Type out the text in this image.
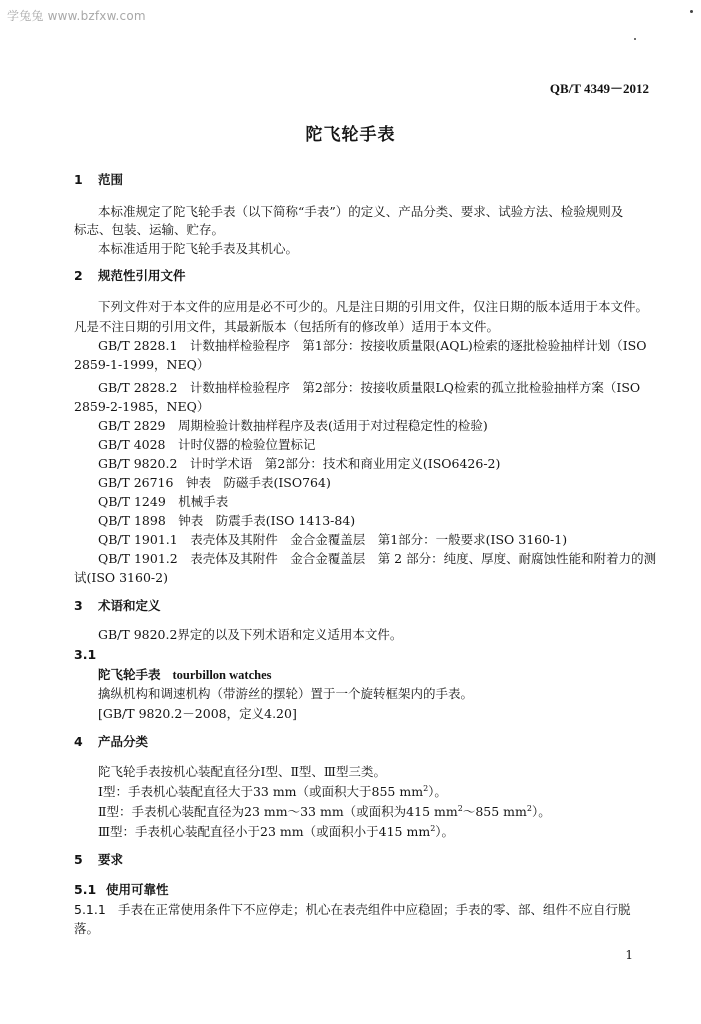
学兔兔 www.bzfxw.com
QB/T 4349－2012
陀飞轮手表
1 范围
本标准规定了陀飞轮手表（以下简称“手表”）的定义、产品分类、要求、试验方法、检验规则及
标志、包装、运输、贮存。
本标准适用于陀飞轮手表及其机心。
2 规范性引用文件
下列文件对于本文件的应用是必不可少的。凡是注日期的引用文件，仅注日期的版本适用于本文件。
凡是不注日期的引用文件，其最新版本（包括所有的修改单）适用于本文件。
GB/T 2828.1　计数抽样检验程序　第1部分：按接收质量限(AQL)检索的逐批检验抽样计划（ISO
2859-1-1999，NEQ）
GB/T 2828.2　计数抽样检验程序　第2部分：按接收质量限LQ检索的孤立批检验抽样方案（ISO
2859-2-1985，NEQ）
GB/T 2829　周期检验计数抽样程序及表(适用于对过程稳定性的检验)
GB/T 4028　计时仪器的检验位置标记
GB/T 9820.2　计时学术语　第2部分：技术和商业用定义(ISO6426-2)
GB/T 26716　钟表　防磁手表(ISO764)
QB/T 1249　机械手表
QB/T 1898　钟表　防震手表(ISO 1413-84)
QB/T 1901.1　表壳体及其附件　金合金覆盖层　第1部分：一般要求(ISO 3160-1)
QB/T 1901.2　表壳体及其附件　金合金覆盖层　第 2 部分：纯度、厚度、耐腐蚀性能和附着力的测
试(ISO 3160-2)
3 术语和定义
GB/T 9820.2界定的以及下列术语和定义适用本文件。
3.1
陀飞轮手表 tourbillon watches
擒纵机构和调速机构（带游丝的摆轮）置于一个旋转框架内的手表。
[GB/T 9820.2－2008，定义4.20]
4 产品分类
陀飞轮手表按机心装配直径分Ⅰ型、Ⅱ型、Ⅲ型三类。
Ⅰ型：手表机心装配直径大于33 mm（或面积大于855 $mm^2$）。
Ⅱ型：手表机心装配直径为23 mm～33 mm（或面积为415 $mm^2\sim 855$ $mm^2$）。
Ⅲ型：手表机心装配直径小于23 mm（或面积小于415 $mm^2$）。
5 要求
5.1 使用可靠性
5.1.1 手表在正常使用条件下不应停走；机心在表壳组件中应稳固；手表的零、部、组件不应自行脱
落。
1
